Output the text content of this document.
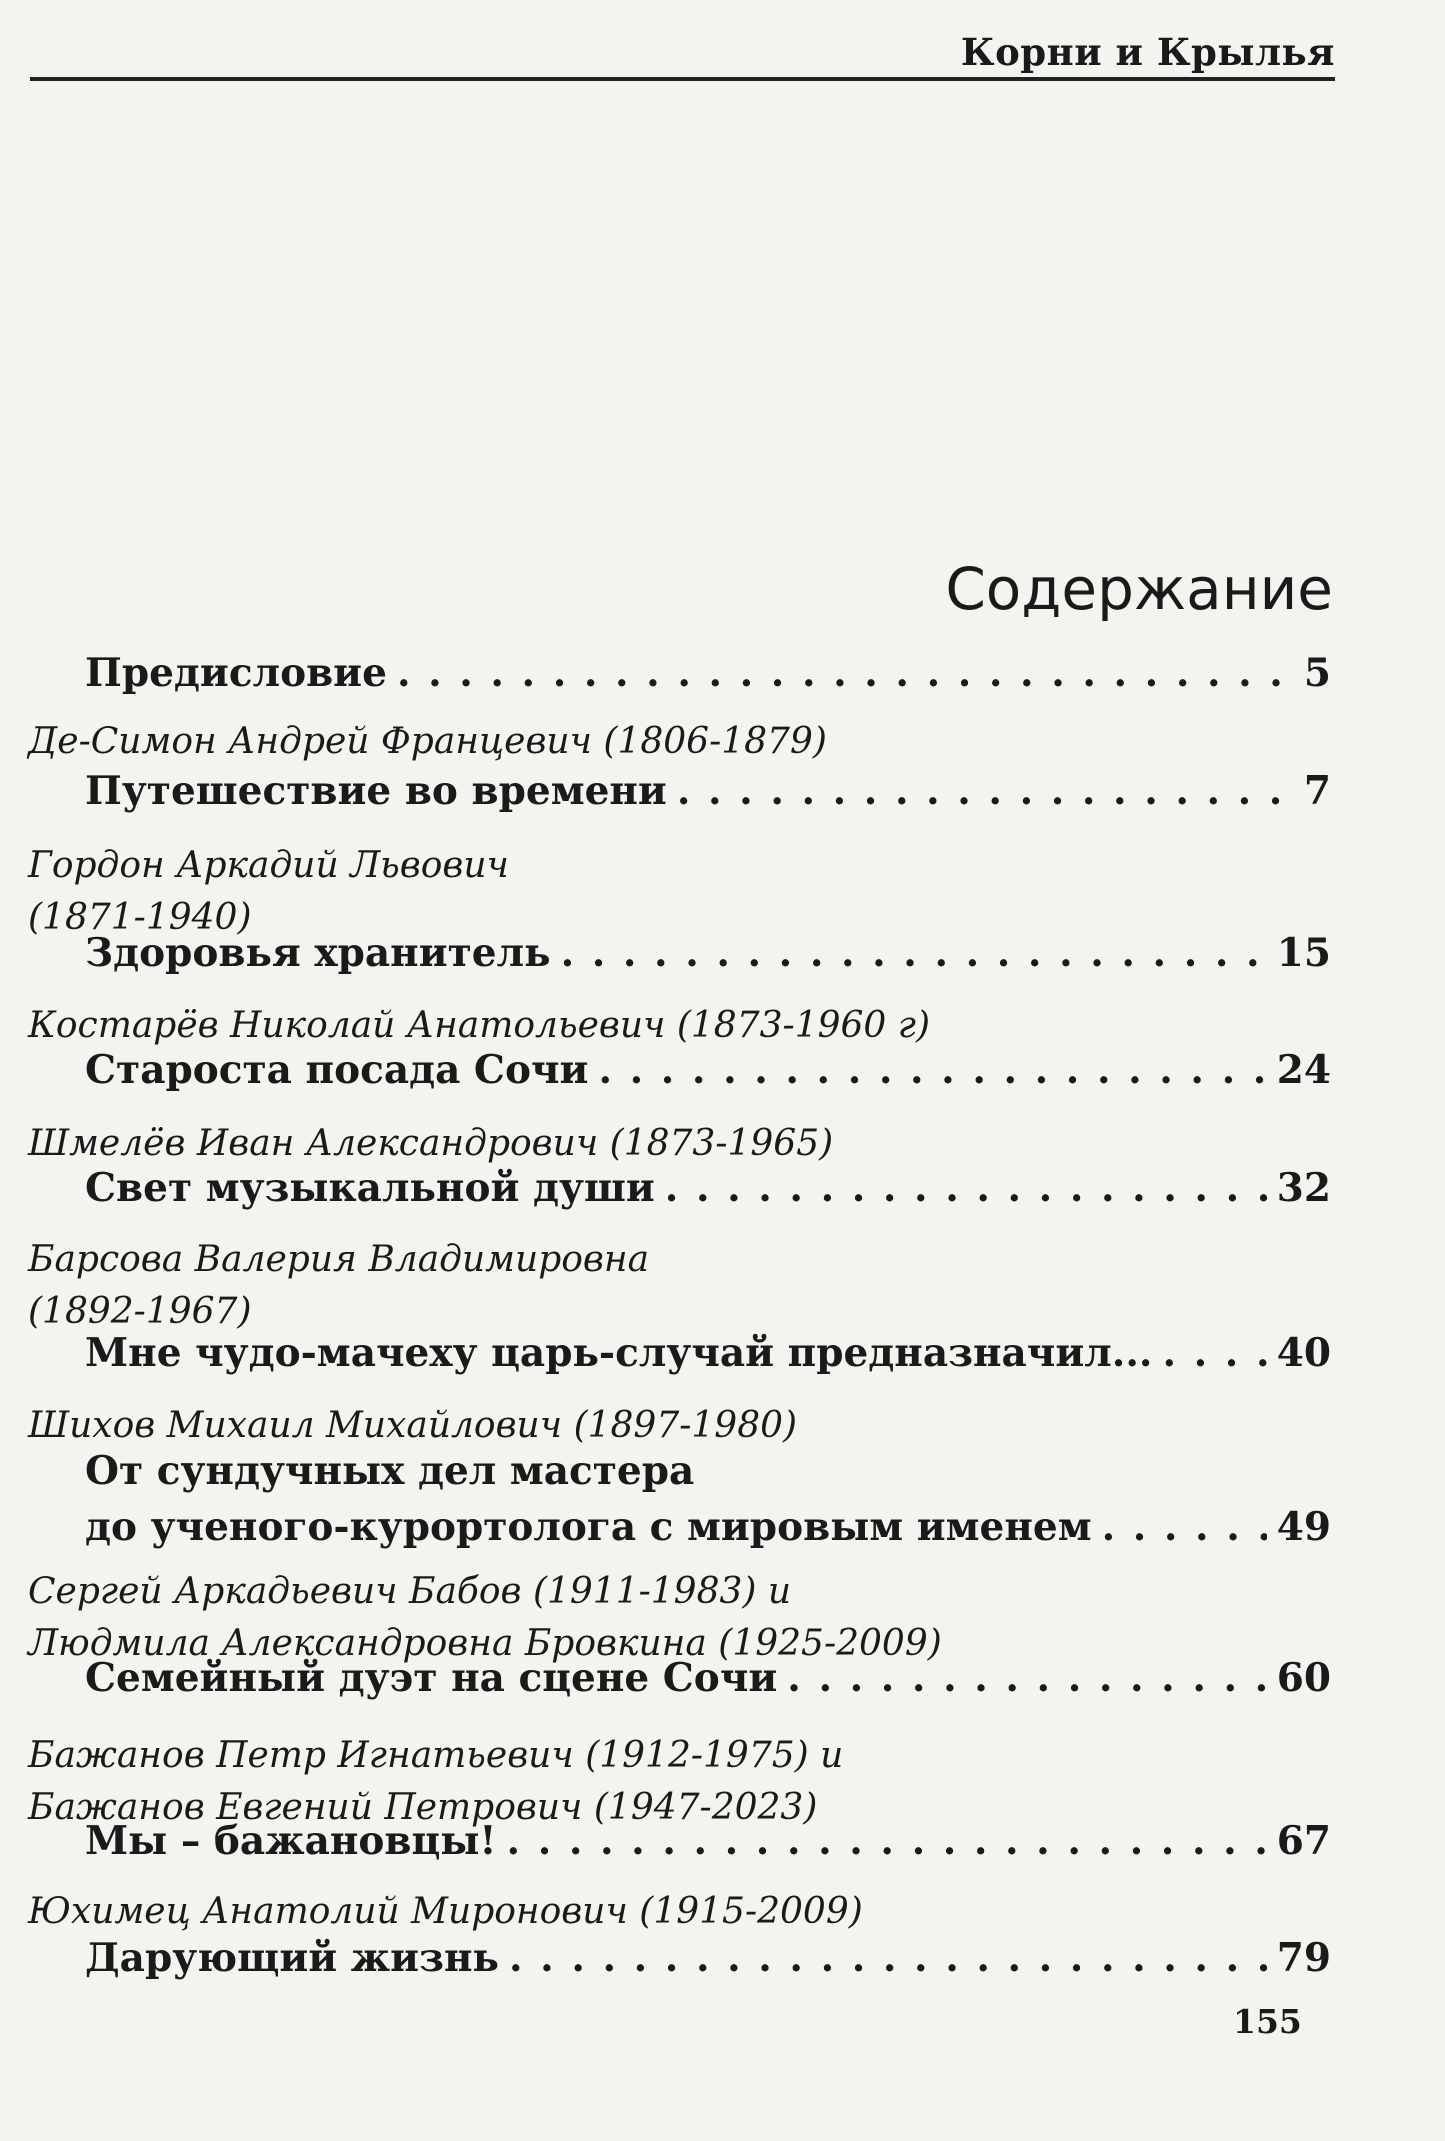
Корни и Крылья
Содержание
Предисловие . . .	5
Де-Симон Андрей Францевич (1806-1879)
Путешествие во времени . . .	7
Гордон Аркадий Львович
(1871-1940)
Здоровья хранитель . . .	15
Костарёв Николай Анатольевич (1873-1960 г)
Староста посада Сочи . . .	24
Шмелёв Иван Александрович (1873-1965)
Свет музыкальной души . . .	32
Барсова Валерия Владимировна
(1892-1967)
Мне чудо-мачеху царь-случай предназначил... . . .	40
Шихов Михаил Михайлович (1897-1980)
От сундучных дел мастера
до ученого-курортолога с мировым именем . . .	49
Сергей Аркадьевич Бабов (1911-1983) и
Людмила Александровна Бровкина (1925-2009)
Семейный дуэт на сцене Сочи . . .	60
Бажанов Петр Игнатьевич (1912-1975) и
Бажанов Евгений Петрович (1947-2023)
Мы – бажановцы! . . .	67
Юхимец Анатолий Миронович (1915-2009)
Дарующий жизнь . . .	79
155
